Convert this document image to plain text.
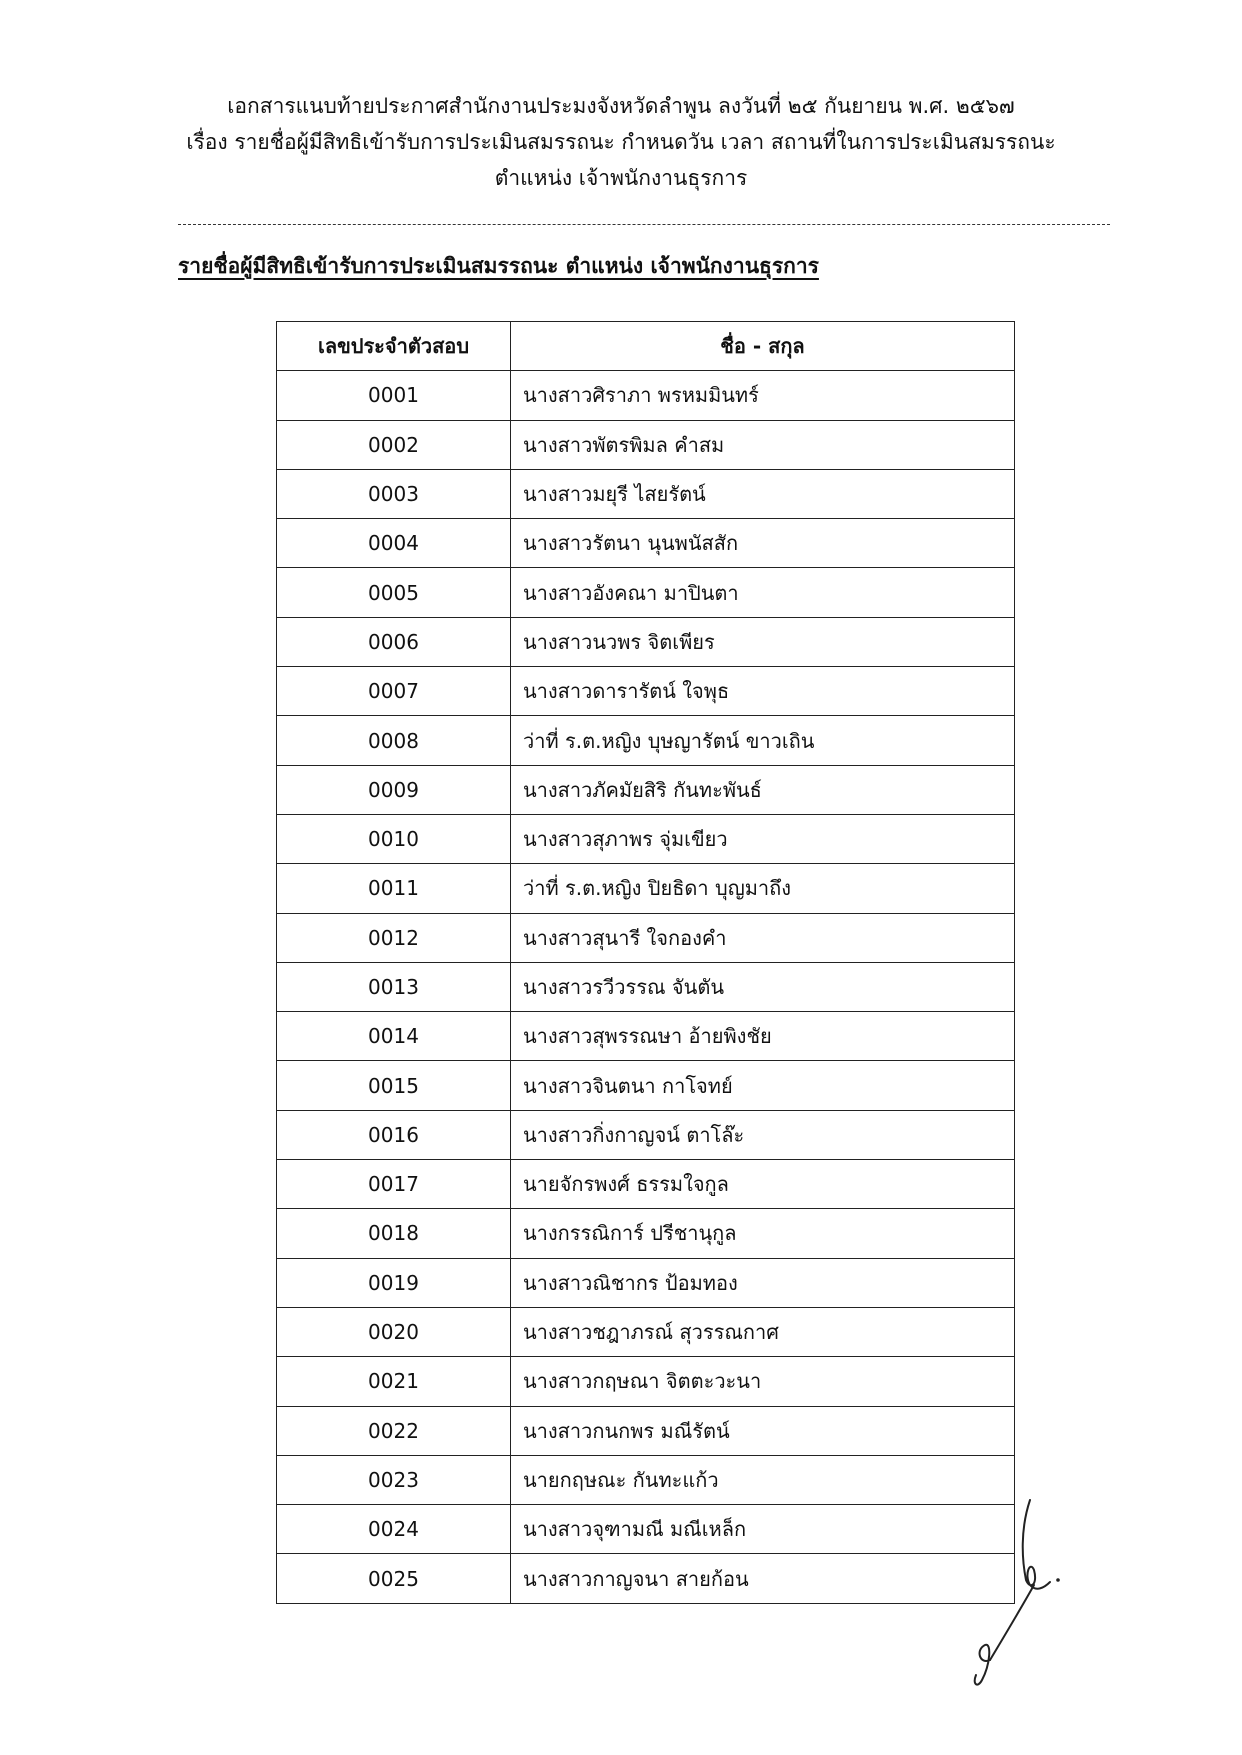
เอกสารแนบท้ายประกาศสำนักงานประมงจังหวัดลำพูน ลงวันที่ ๒๕ กันยายน พ.ศ. ๒๕๖๗
เรื่อง รายชื่อผู้มีสิทธิเข้ารับการประเมินสมรรถนะ กำหนดวัน เวลา สถานที่ในการประเมินสมรรถนะ
ตำแหน่ง เจ้าพนักงานธุรการ
รายชื่อผู้มีสิทธิเข้ารับการประเมินสมรรถนะ ตำแหน่ง เจ้าพนักงานธุรการ
เลขประจำตัวสอบ	ชื่อ - สกุล
0001	นางสาวศิราภา พรหมมินทร์
0002	นางสาวพัตรพิมล คำสม
0003	นางสาวมยุรี ไสยรัตน์
0004	นางสาวรัตนา นุนพนัสสัก
0005	นางสาวอังคณา มาปินตา
0006	นางสาวนวพร จิตเพียร
0007	นางสาวดารารัตน์ ใจพุธ
0008	ว่าที่ ร.ต.หญิง บุษญารัตน์ ขาวเถิน
0009	นางสาวภัคมัยสิริ กันทะพันธ์
0010	นางสาวสุภาพร จุ่มเขียว
0011	ว่าที่ ร.ต.หญิง ปิยธิดา บุญมาถึง
0012	นางสาวสุนารี ใจกองคำ
0013	นางสาวรวีวรรณ จันตัน
0014	นางสาวสุพรรณษา อ้ายพิงชัย
0015	นางสาวจินตนา กาโจทย์
0016	นางสาวกิ่งกาญจน์ ตาโล๊ะ
0017	นายจักรพงศ์ ธรรมใจกูล
0018	นางกรรณิการ์ ปรีชานุกูล
0019	นางสาวณิชากร ป้อมทอง
0020	นางสาวชฎาภรณ์ สุวรรณกาศ
0021	นางสาวกฤษณา จิตตะวะนา
0022	นางสาวกนกพร มณีรัตน์
0023	นายกฤษณะ กันทะแก้ว
0024	นางสาวจุฑามณี มณีเหล็ก
0025	นางสาวกาญจนา สายก้อน
